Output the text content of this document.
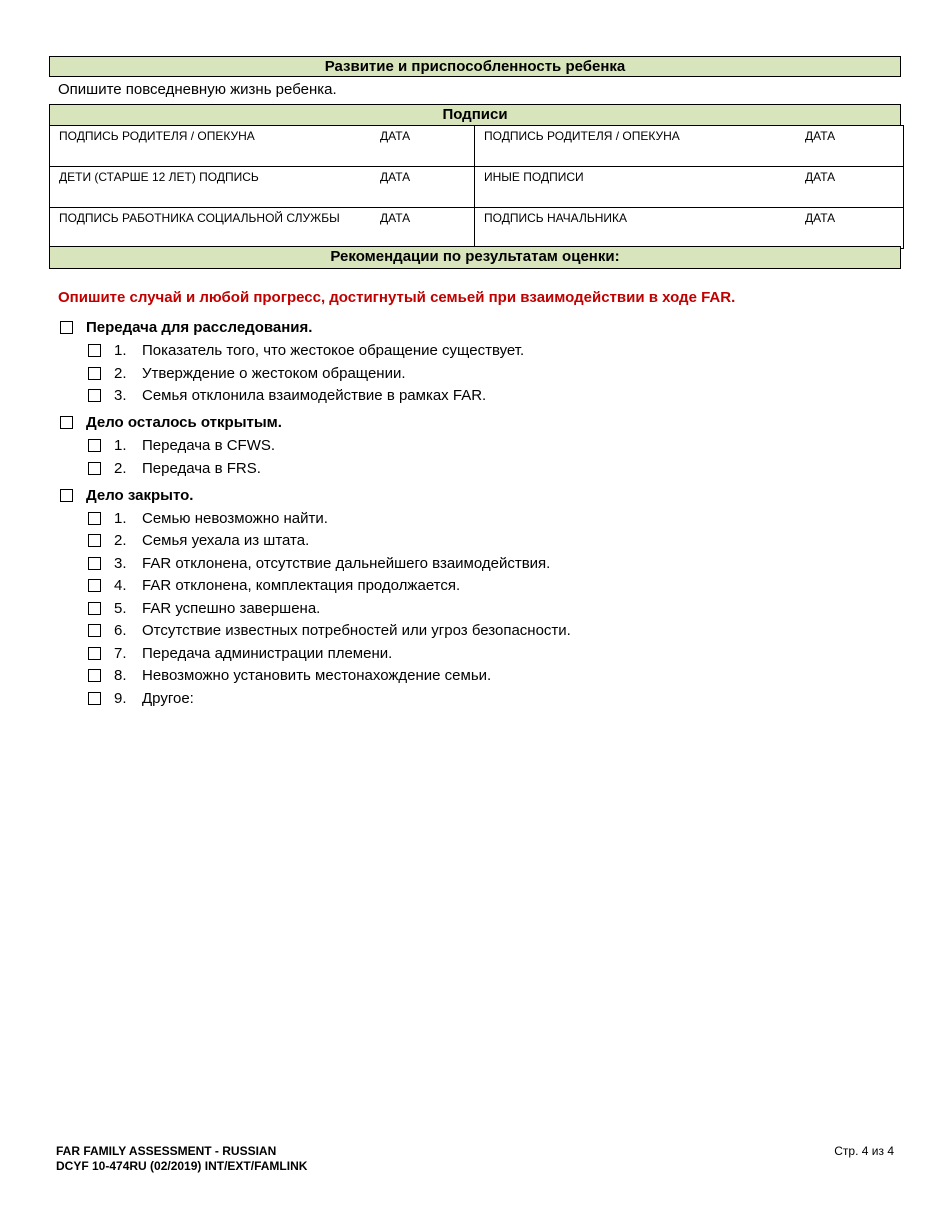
Развитие и приспособленность ребенка
Опишите повседневную жизнь ребенка.
Подписи
ПОДПИСЬ РОДИТЕЛЯ / ОПЕКУНА ДАТА	ПОДПИСЬ РОДИТЕЛЯ / ОПЕКУНА ДАТА

ДЕТИ (СТАРШЕ 12 ЛЕТ) ПОДПИСЬ ДАТА	ИНЫЕ ПОДПИСИ ДАТА

ПОДПИСЬ РАБОТНИКА СОЦИАЛЬНОЙ СЛУЖБЫ ДАТА	ПОДПИСЬ НАЧАЛЬНИКА ДАТА
Рекомендации по результатам оценки:
Опишите случай и любой прогресс, достигнутый семьей при взаимодействии в ходе FAR.
Передача для расследования.
1. Показатель того, что жестокое обращение существует.
2. Утверждение о жестоком обращении.
3. Семья отклонила взаимодействие в рамках FAR.
Дело осталось открытым.
1. Передача в CFWS.
2. Передача в FRS.
Дело закрыто.
1. Семью невозможно найти.
2. Семья уехала из штата.
3. FAR отклонена, отсутствие дальнейшего взаимодействия.
4. FAR отклонена, комплектация продолжается.
5. FAR успешно завершена.
6. Отсутствие известных потребностей или угроз безопасности.
7. Передача администрации племени.
8. Невозможно установить местонахождение семьи.
9. Другое:
FAR FAMILY ASSESSMENT - RUSSIAN
DCYF 10-474RU (02/2019) INT/EXT/FAMLINK
Стр. 4 из 4
